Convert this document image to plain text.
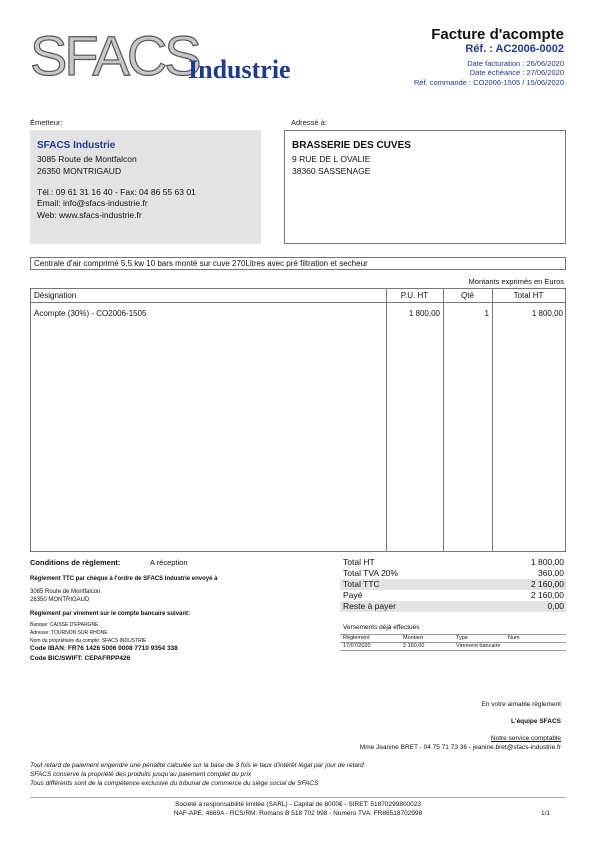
SFACS
Industrie
Facture d'acompte
Réf. : AC2006-0002
Date facturation : 26/06/2020
Date échéance : 27/06/2020
Réf. commande : CO2006-1505 / 15/06/2020
Émetteur:
SFACS Industrie
3085 Route de Montfalcon
26350 MONTRIGAUD
Tél.: 09 61 31 16 40 - Fax: 04 86 55 63 01
Email: info@sfacs-industrie.fr
Web: www.sfacs-industrie.fr
Adressé à:
BRASSERIE DES CUVES
9 RUE DE L OVALIE
38360 SASSENAGE
Centrale d'air comprimé 5.5 kw 10 bars monté sur cuve 270Litres avec pré filtration et secheur
Montants exprimés en Euros
Désignation	P.U. HT	Qté	Total HT
Acompte (30%) - CO2006-1505	1 800,00	1	1 800,00
Conditions de règlement:	A réception
Règlement TTC par chèque à l'ordre de SFACS Industrie envoyé à
3085 Route de Montfalcon
26350 MONTRIGAUD
Règlement par virement sur le compte bancaire suivant:
Banque: CAISSE D'EPARGNE
Adresse: TOURNON SUR RHONE
Nom du propriétaire du compte: SFACS INDUSTRIE
Code IBAN: FR76 1426 5006 0008 7710 9354 338
Code BIC/SWIFT: CEPAFRPP426
Total HT	1 800,00
Total TVA 20%	360,00
Total TTC	2 160,00
Payé	2 160,00
Reste à payer	0,00
Versements déjà effectués
Règlement	Montant	Type	Num
17/07/2020	2 160,00	Virement bancaire
En votre aimable règlement
L'équipe SFACS
Notre service comptable
Mme Jeanine BRET - 04 75 71 73 36 - jeanine.bret@sfacs-industrie.fr
Tout retard de paiement engendre une pénalité calculée sur la base de 3 fois le taux d'intérêt légal par jour de retard
SFACS conserve la propriété des produits jusqu'au paiement complet du prix
Tous différents sont de la compétence exclusive du tribunal de commerce du siège social de SFACS
Société à responsabilité limitée (SARL) - Capital de 8000€ - SIRET: 51870299800023
NAF-APE: 4669A - RCS/RM: Romans B 518 702 998 - Numéro TVA: FR86518702998	1/1
